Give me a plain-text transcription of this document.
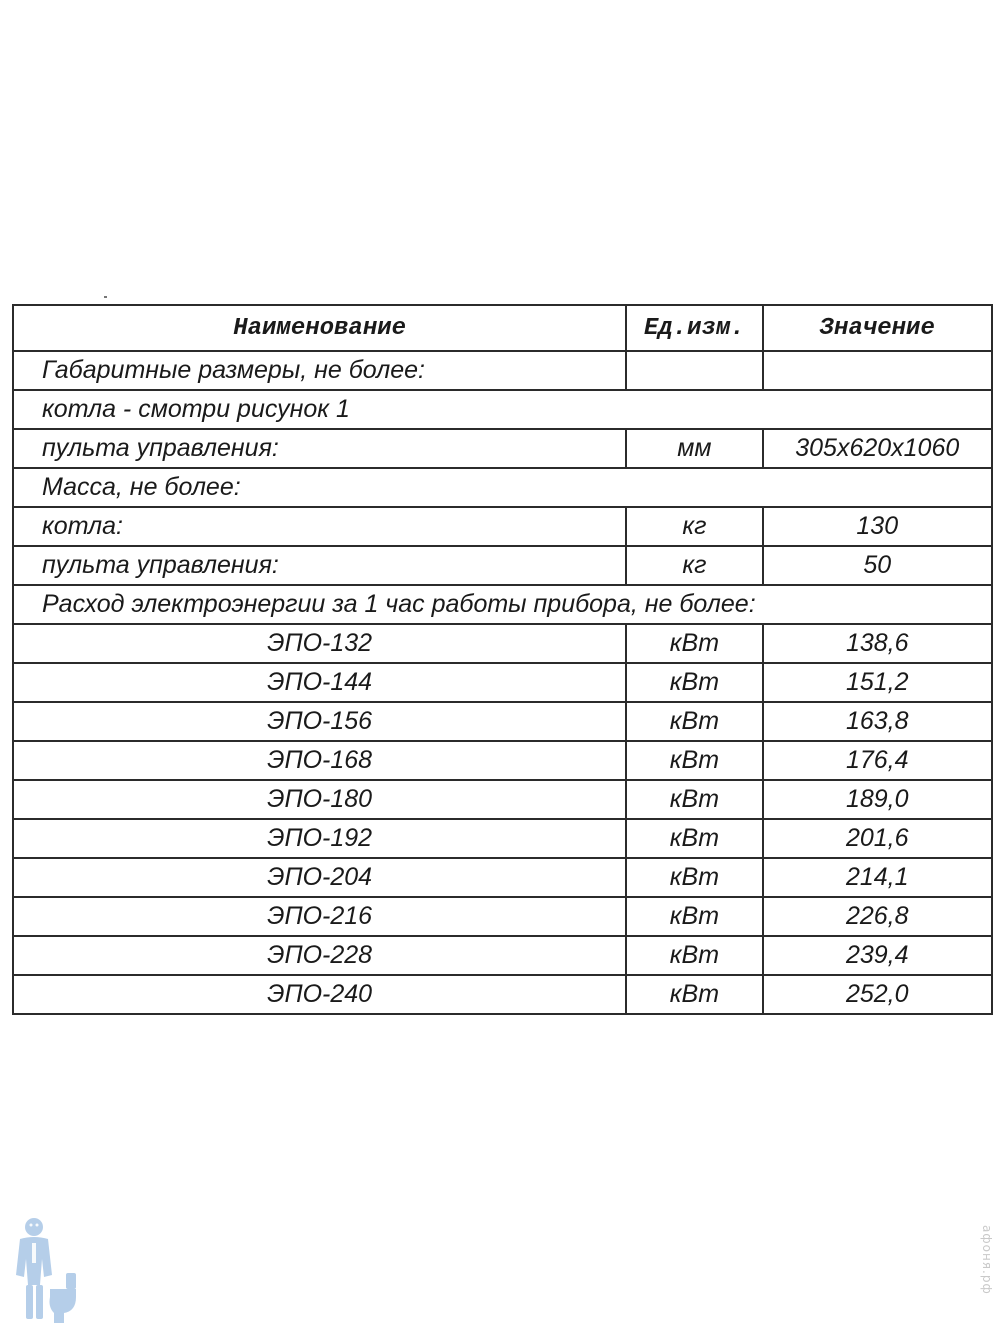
Наименование	Ед.изм.	Значение
Габаритные размеры, не более:		
котла - смотри рисунок 1		
пульта управления:	мм	305x620x1060
Масса, не более:		
котла:	кг	130
пульта управления:	кг	50
Расход электроэнергии за 1 час работы прибора, не более:		
ЭПО-132	кВт	138,6
ЭПО-144	кВт	151,2
ЭПО-156	кВт	163,8
ЭПО-168	кВт	176,4
ЭПО-180	кВт	189,0
ЭПО-192	кВт	201,6
ЭПО-204	кВт	214,1
ЭПО-216	кВт	226,8
ЭПО-228	кВт	239,4
ЭПО-240	кВт	252,0
афоня.рф
